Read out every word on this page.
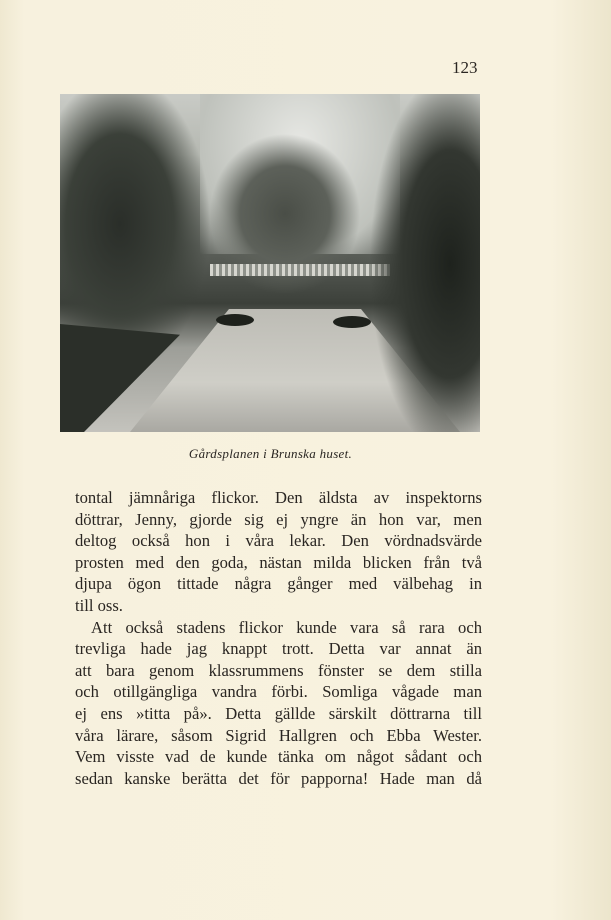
123
Gårdsplanen i Brunska huset.
tontal jämnåriga flickor. Den äldsta av inspektorns
döttrar, Jenny, gjorde sig ej yngre än hon var, men
deltog också hon i våra lekar. Den vördnadsvärde
prosten med den goda, nästan milda blicken från två
djupa ögon tittade några gånger med välbehag in
till oss.
Att också stadens flickor kunde vara så rara och
trevliga hade jag knappt trott. Detta var annat än
att bara genom klassrummens fönster se dem stilla
och otillgängliga vandra förbi. Somliga vågade man
ej ens »titta på». Detta gällde särskilt döttrarna till
våra lärare, såsom Sigrid Hallgren och Ebba Wester.
Vem visste vad de kunde tänka om något sådant och
sedan kanske berätta det för papporna! Hade man då
